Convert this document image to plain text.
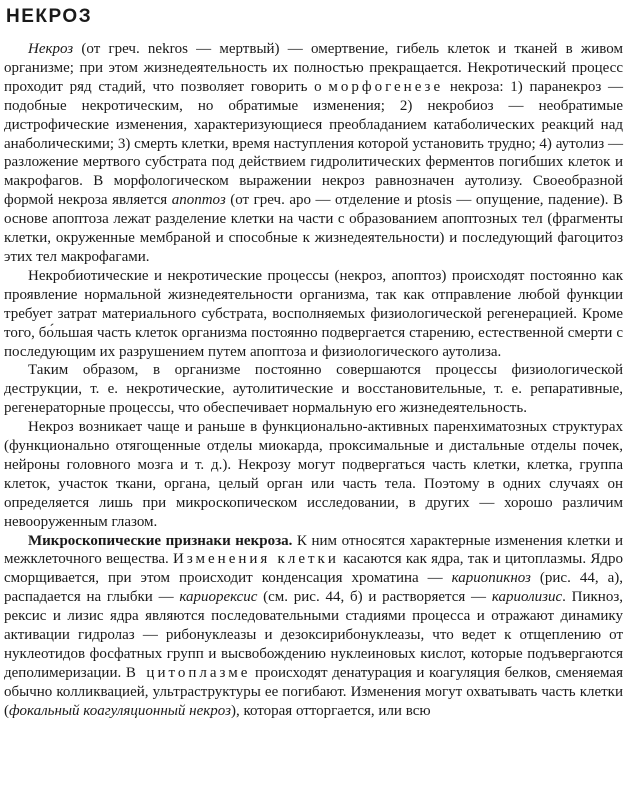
НЕКРОЗ

Некроз (от греч. nekros — мертвый) — омертвение, гибель клеток и тканей в живом организме; при этом жизнедеятельность их полностью прекращается. Некротический процесс проходит ряд стадий, что позволяет говорить о морфогенезе некроза: 1) паранекроз — подобные некротическим, но обратимые изменения; 2) некробиоз — необратимые дистрофические изменения, характеризующиеся преобладанием катаболических реакций над анаболическими; 3) смерть клетки, время наступления которой установить трудно; 4) аутолиз — разложение мертвого субстрата под действием гидролитических ферментов погибших клеток и макрофагов. В морфологическом выражении некроз равнозначен аутолизу. Своеобразной формой некроза является апоптоз (от греч. apo — отделение и ptosis — опущение, падение). В основе апоптоза лежат разделение клетки на части с образованием апоптозных тел (фрагменты клетки, окруженные мембраной и способные к жизнедеятельности) и последующий фагоцитоз этих тел макрофагами.

Некробиотические и некротические процессы (некроз, апоптоз) происходят постоянно как проявление нормальной жизнедеятельности организма, так как отправление любой функции требует затрат материального субстрата, восполняемых физиологической регенерацией. Кроме того, бо́льшая часть клеток организма постоянно подвергается старению, естественной смерти с последующим их разрушением путем апоптоза и физиологического аутолиза.

Таким образом, в организме постоянно совершаются процессы физиологической деструкции, т. е. некротические, аутолитические и восстановительные, т. е. репаративные, регенераторные процессы, что обеспечивает нормальную его жизнедеятельность.

Некроз возникает чаще и раньше в функционально-активных паренхиматозных структурах (функционально отягощенные отделы миокарда, проксимальные и дистальные отделы почек, нейроны головного мозга и т. д.). Некрозу могут подвергаться часть клетки, клетка, группа клеток, участок ткани, органа, целый орган или часть тела. Поэтому в одних случаях он определяется лишь при микроскопическом исследовании, в других — хорошо различим невооруженным глазом.

Микроскопические признаки некроза. К ним относятся характерные изменения клетки и межклеточного вещества. Изменения клетки касаются как ядра, так и цитоплазмы. Ядро сморщивается, при этом происходит конденсация хроматина — кариопикноз (рис. 44, а), распадается на глыбки — кариорексис (см. рис. 44, б) и растворяется — кариолизис. Пикноз, рексис и лизис ядра являются последовательными стадиями процесса и отражают динамику активации гидролаз — рибонуклеазы и дезоксирибонуклеазы, что ведет к отщеплению от нуклеотидов фосфатных групп и высвобождению нуклеиновых кислот, которые подъвергаются деполимеризации. В цитоплазме происходят денатурация и коагуляция белков, сменяемая обычно колликвацией, ультраструктуры ее погибают. Изменения могут охватывать часть клетки (фокальный коагуляционный некроз), которая отторгается, или всю
